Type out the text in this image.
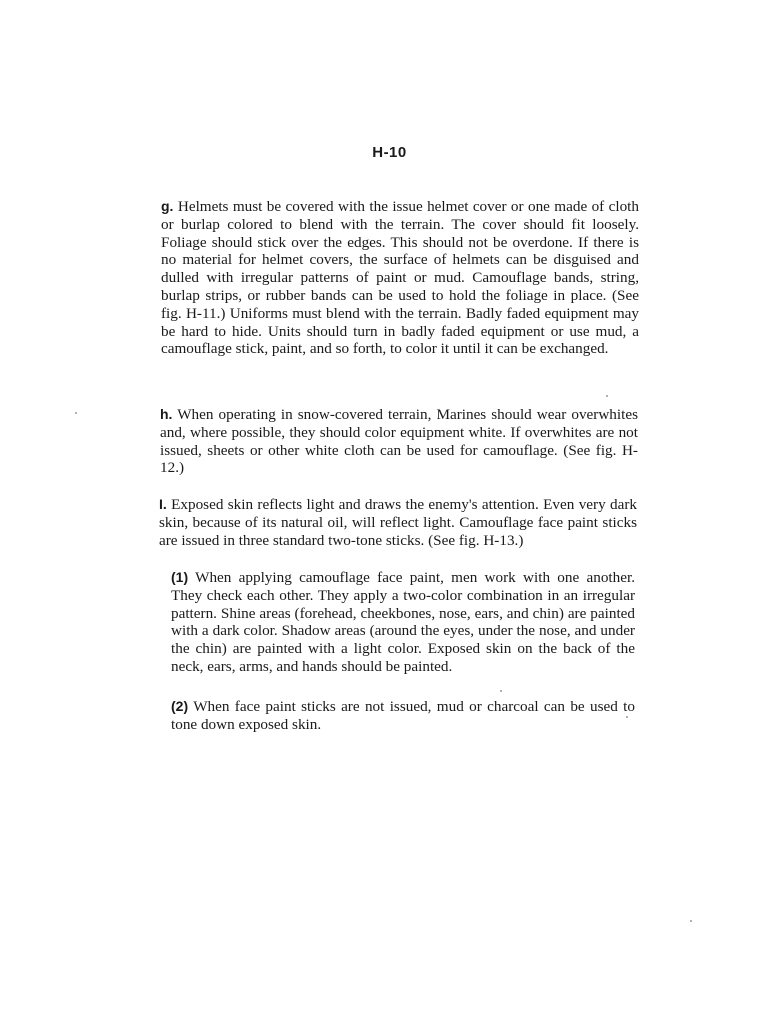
H-10

g. Helmets must be covered with the issue helmet cover or one made of cloth or burlap colored to blend with the terrain. The cover should fit loosely. Foliage should stick over the edges. This should not be overdone. If there is no material for helmet covers, the surface of helmets can be disguised and dulled with irregular patterns of paint or mud. Camouflage bands, string, burlap strips, or rubber bands can be used to hold the foliage in place. (See fig. H-11.) Uniforms must blend with the terrain. Badly faded equipment may be hard to hide. Units should turn in badly faded equipment or use mud, a camouflage stick, paint, and so forth, to color it until it can be exchanged.

h. When operating in snow-covered terrain, Marines should wear overwhites and, where possible, they should color equipment white. If overwhites are not issued, sheets or other white cloth can be used for camouflage. (See fig. H-12.)

I. Exposed skin reflects light and draws the enemy's attention. Even very dark skin, because of its natural oil, will reflect light. Camouflage face paint sticks are issued in three standard two-tone sticks. (See fig. H-13.)

(1) When applying camouflage face paint, men work with one another. They check each other. They apply a two-color combination in an irregular pattern. Shine areas (forehead, cheekbones, nose, ears, and chin) are painted with a dark color. Shadow areas (around the eyes, under the nose, and under the chin) are painted with a light color. Exposed skin on the back of the neck, ears, arms, and hands should be painted.

(2) When face paint sticks are not issued, mud or charcoal can be used to tone down exposed skin.
